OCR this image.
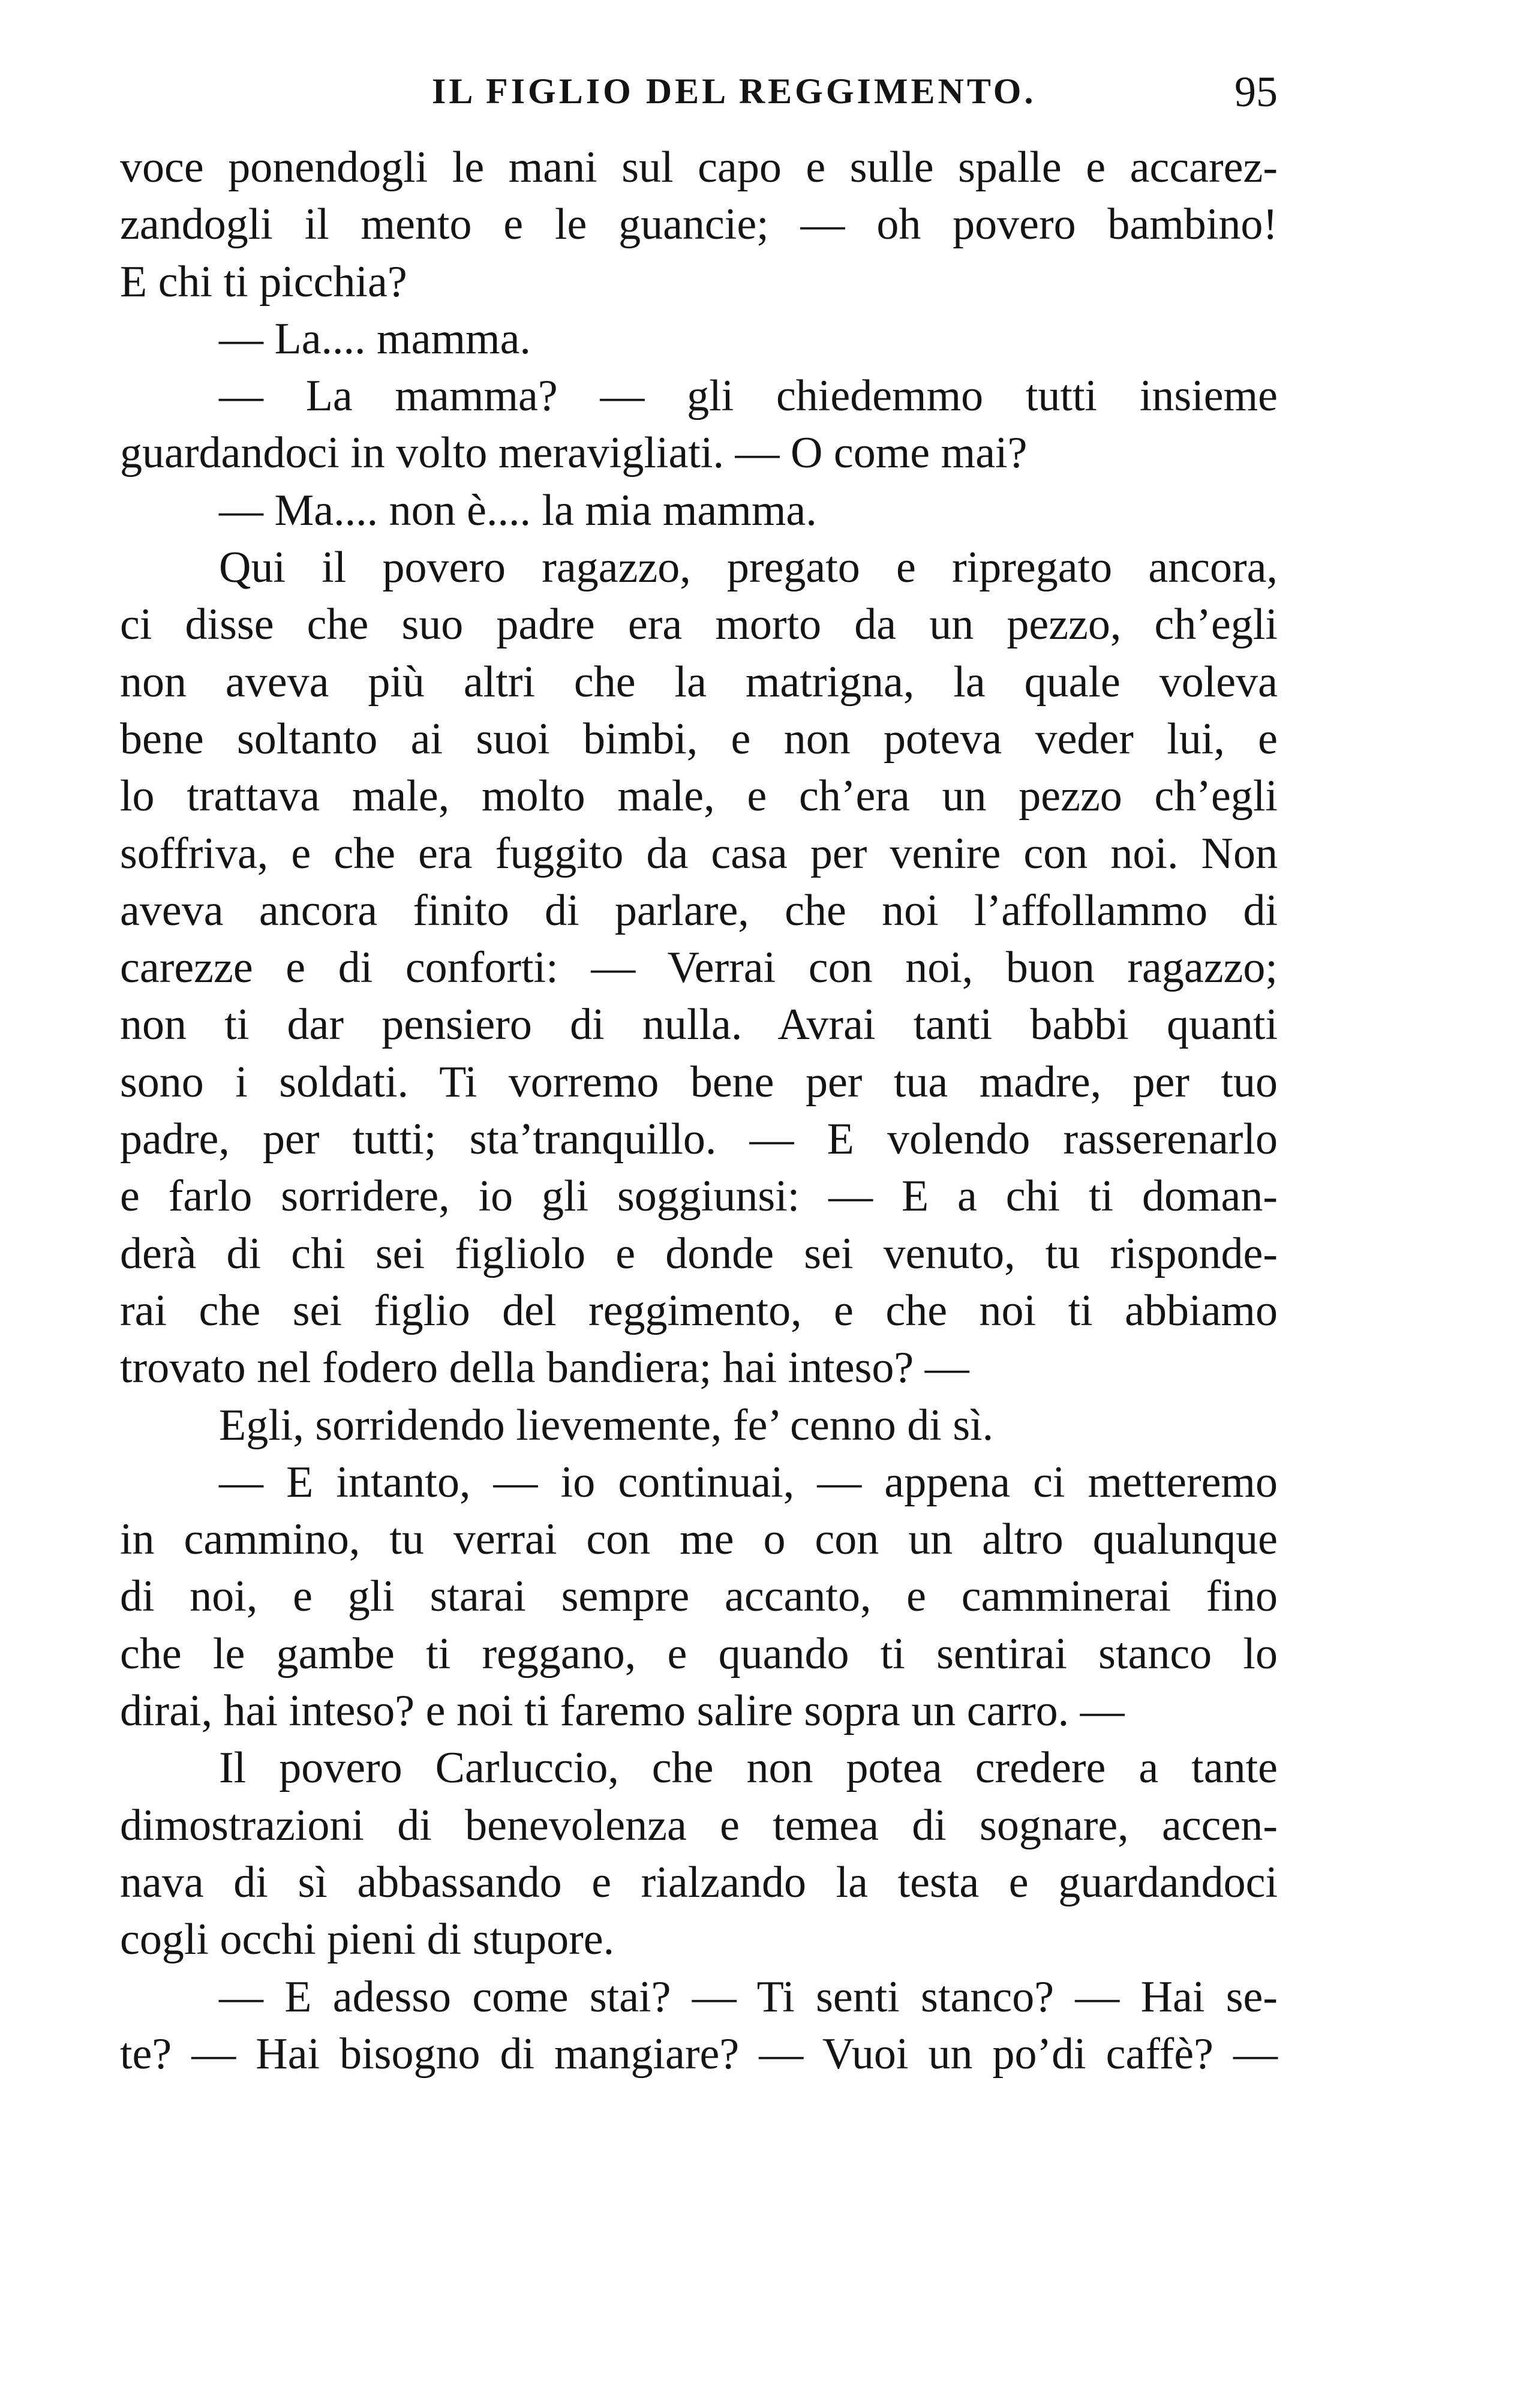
IL FIGLIO DEL REGGIMENTO.	95
voce ponendogli le mani sul capo e sulle spalle e accarez-
zandogli il mento e le guancie; — oh povero bambino!
E chi ti picchia?
— La.... mamma.
— La mamma? — gli chiedemmo tutti insieme
guardandoci in volto meravigliati. — O come mai?
— Ma.... non è.... la mia mamma.
Qui il povero ragazzo, pregato e ripregato ancora,
ci disse che suo padre era morto da un pezzo, ch’egli
non aveva più altri che la matrigna, la quale voleva
bene soltanto ai suoi bimbi, e non poteva veder lui, e
lo trattava male, molto male, e ch’era un pezzo ch’egli
soffriva, e che era fuggito da casa per venire con noi. Non
aveva ancora finito di parlare, che noi l’affollammo di
carezze e di conforti: — Verrai con noi, buon ragazzo;
non ti dar pensiero di nulla. Avrai tanti babbi quanti
sono i soldati. Ti vorremo bene per tua madre, per tuo
padre, per tutti; sta’tranquillo. — E volendo rasserenarlo
e farlo sorridere, io gli soggiunsi: — E a chi ti doman-
derà di chi sei figliolo e donde sei venuto, tu risponde-
rai che sei figlio del reggimento, e che noi ti abbiamo
trovato nel fodero della bandiera; hai inteso? —
Egli, sorridendo lievemente, fe’ cenno di sì.
— E intanto, — io continuai, — appena ci metteremo
in cammino, tu verrai con me o con un altro qualunque
di noi, e gli starai sempre accanto, e camminerai fino
che le gambe ti reggano, e quando ti sentirai stanco lo
dirai, hai inteso? e noi ti faremo salire sopra un carro. —
Il povero Carluccio, che non potea credere a tante
dimostrazioni di benevolenza e temea di sognare, accen-
nava di sì abbassando e rialzando la testa e guardandoci
cogli occhi pieni di stupore.
— E adesso come stai? — Ti senti stanco? — Hai se-
te? — Hai bisogno di mangiare? — Vuoi un po’di caffè? —
